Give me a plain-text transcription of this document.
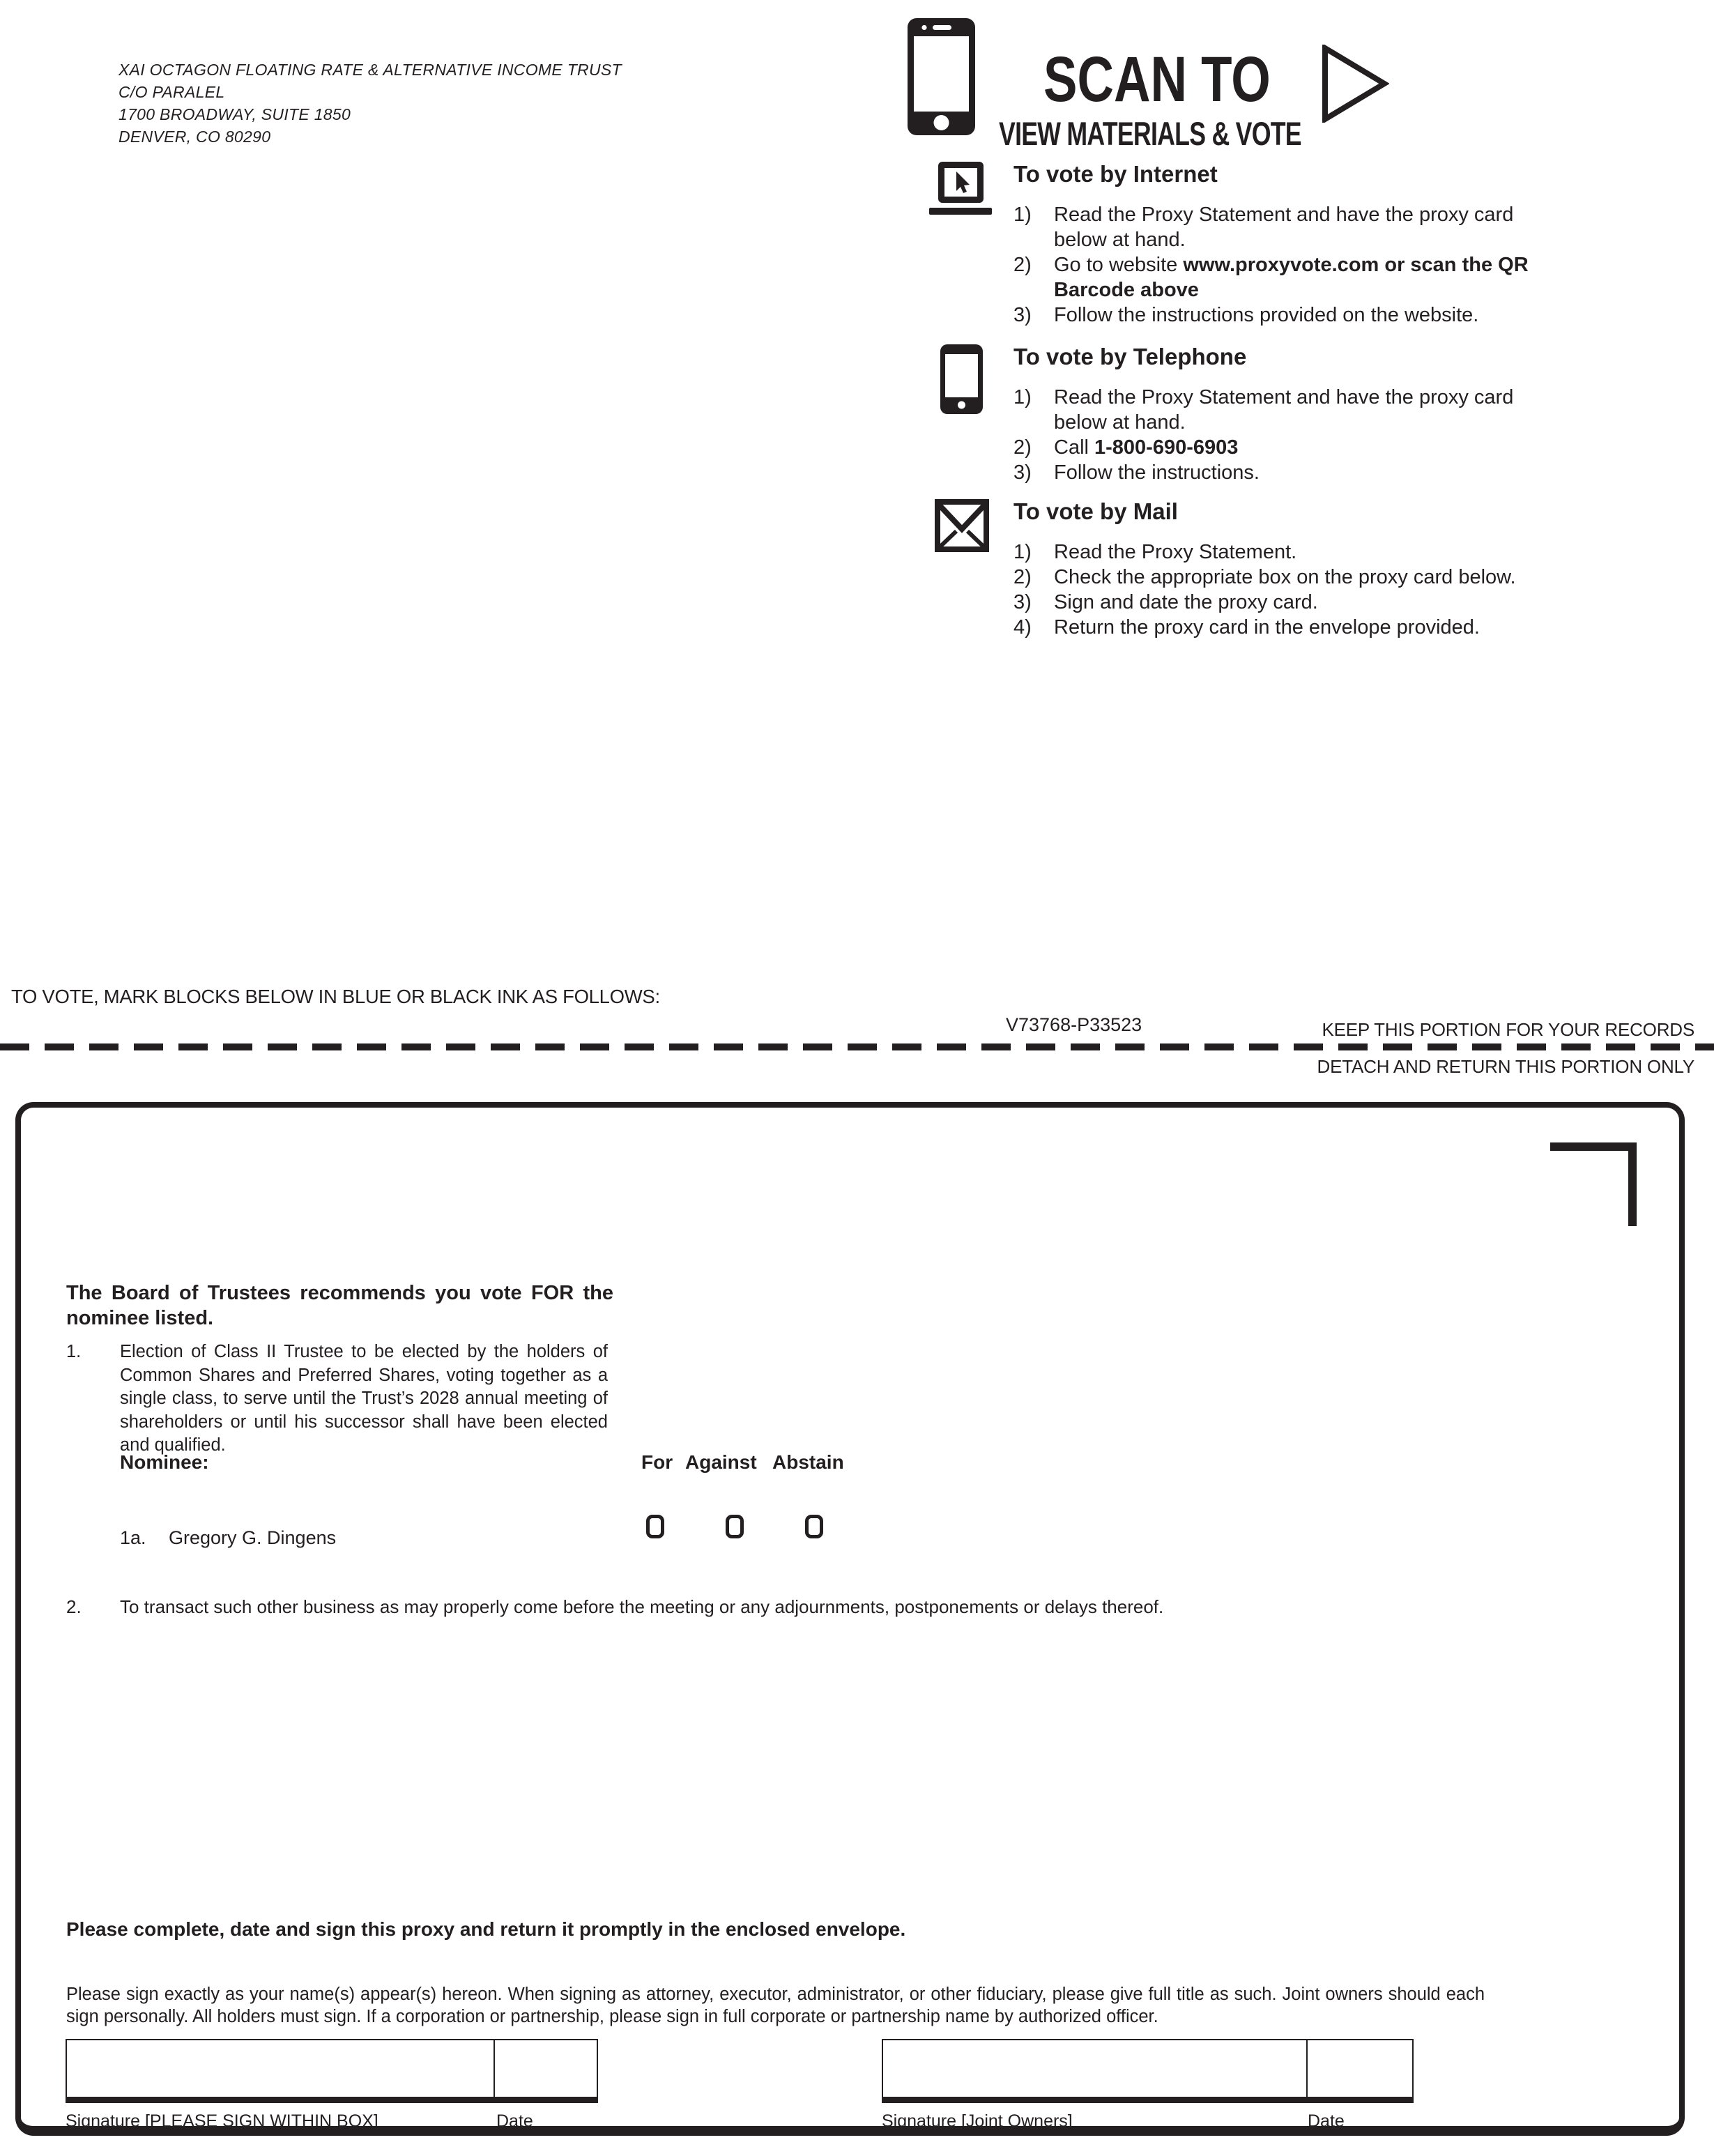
XAI OCTAGON FLOATING RATE & ALTERNATIVE INCOME TRUST
C/O PARALEL
1700 BROADWAY, SUITE 1850
DENVER, CO 80290
SCAN TO
VIEW MATERIALS & VOTE
To vote by Internet
1)	Read the Proxy Statement and have the proxy card below at hand.
2)	Go to website www.proxyvote.com or scan the QR Barcode above
3)	Follow the instructions provided on the website.
To vote by Telephone
1)	Read the Proxy Statement and have the proxy card below at hand.
2)	Call 1-800-690-6903
3)	Follow the instructions.
To vote by Mail
1)	Read the Proxy Statement.
2)	Check the appropriate box on the proxy card below.
3)	Sign and date the proxy card.
4)	Return the proxy card in the envelope provided.
TO VOTE, MARK BLOCKS BELOW IN BLUE OR BLACK INK AS FOLLOWS:
V73768-P33523	KEEP THIS PORTION FOR YOUR RECORDS
DETACH AND RETURN THIS PORTION ONLY
The Board of Trustees recommends you vote FOR the nominee listed.
1.	Election of Class II Trustee to be elected by the holders of Common Shares and Preferred Shares, voting together as a single class, to serve until the Trust’s 2028 annual meeting of shareholders or until his successor shall have been elected and qualified.
Nominee:	For Against Abstain
1a. Gregory G. Dingens
2.	To transact such other business as may properly come before the meeting or any adjournments, postponements or delays thereof.
Please complete, date and sign this proxy and return it promptly in the enclosed envelope.
Please sign exactly as your name(s) appear(s) hereon. When signing as attorney, executor, administrator, or other fiduciary, please give full title as such. Joint owners should each sign personally. All holders must sign. If a corporation or partnership, please sign in full corporate or partnership name by authorized officer.
Signature [PLEASE SIGN WITHIN BOX]	Date	Signature [Joint Owners]	Date
